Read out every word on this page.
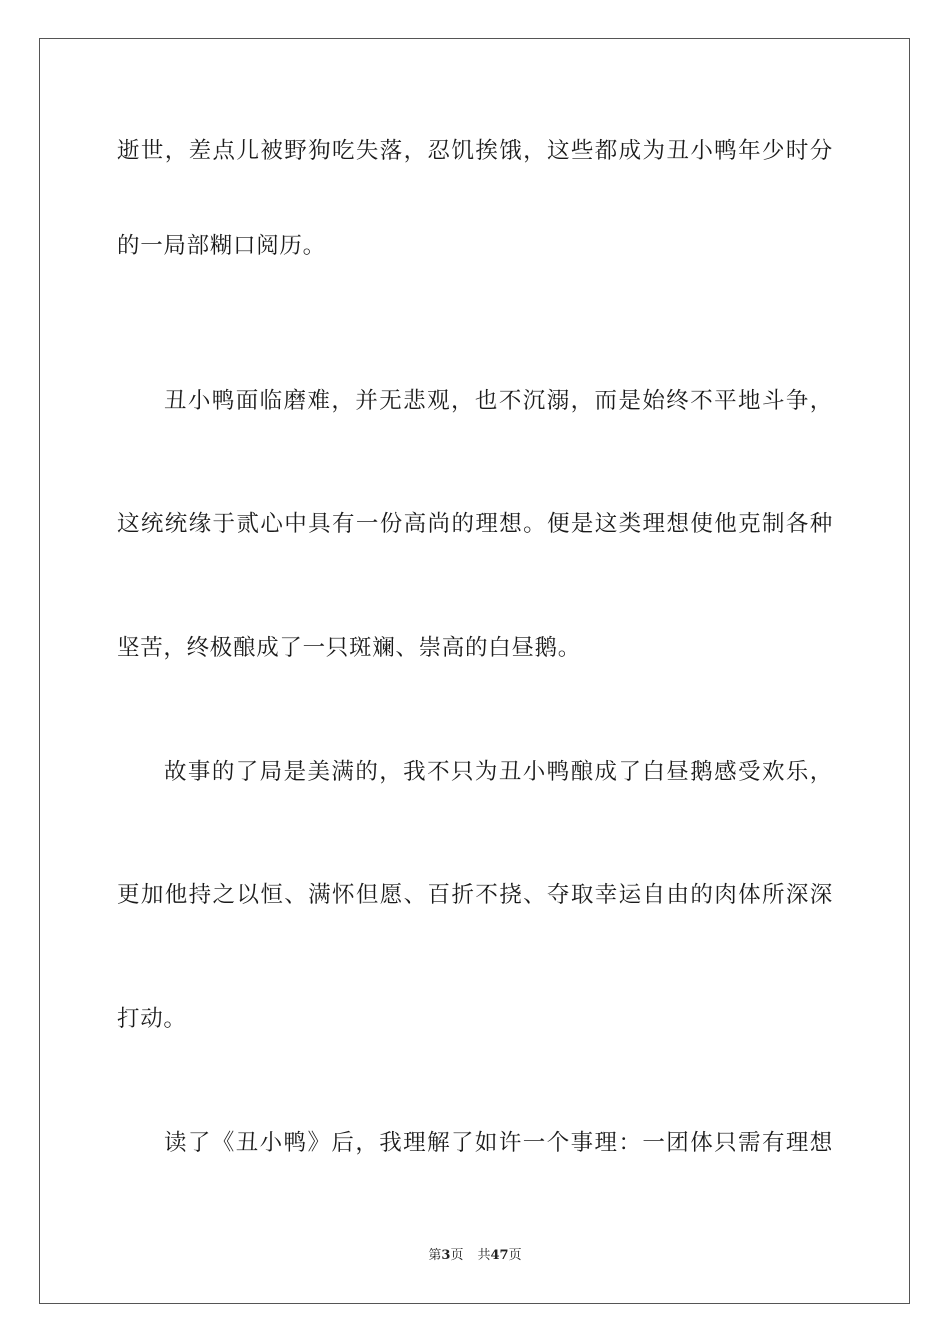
逝世，差点儿被野狗吃失落，忍饥挨饿，这些都成为丑小鸭年少时分
的一局部糊口阅历。
丑小鸭面临磨难，并无悲观，也不沉溺，而是始终不平地斗争，
这统统缘于贰心中具有一份高尚的理想。便是这类理想使他克制各种
坚苦，终极酿成了一只斑斓、崇高的白昼鹅。
故事的了局是美满的，我不只为丑小鸭酿成了白昼鹅感受欢乐，
更加他持之以恒、满怀但愿、百折不挠、夺取幸运自由的肉体所深深
打动。
读了《丑小鸭》后，我理解了如许一个事理：一团体只需有理想
第3页 共47页
